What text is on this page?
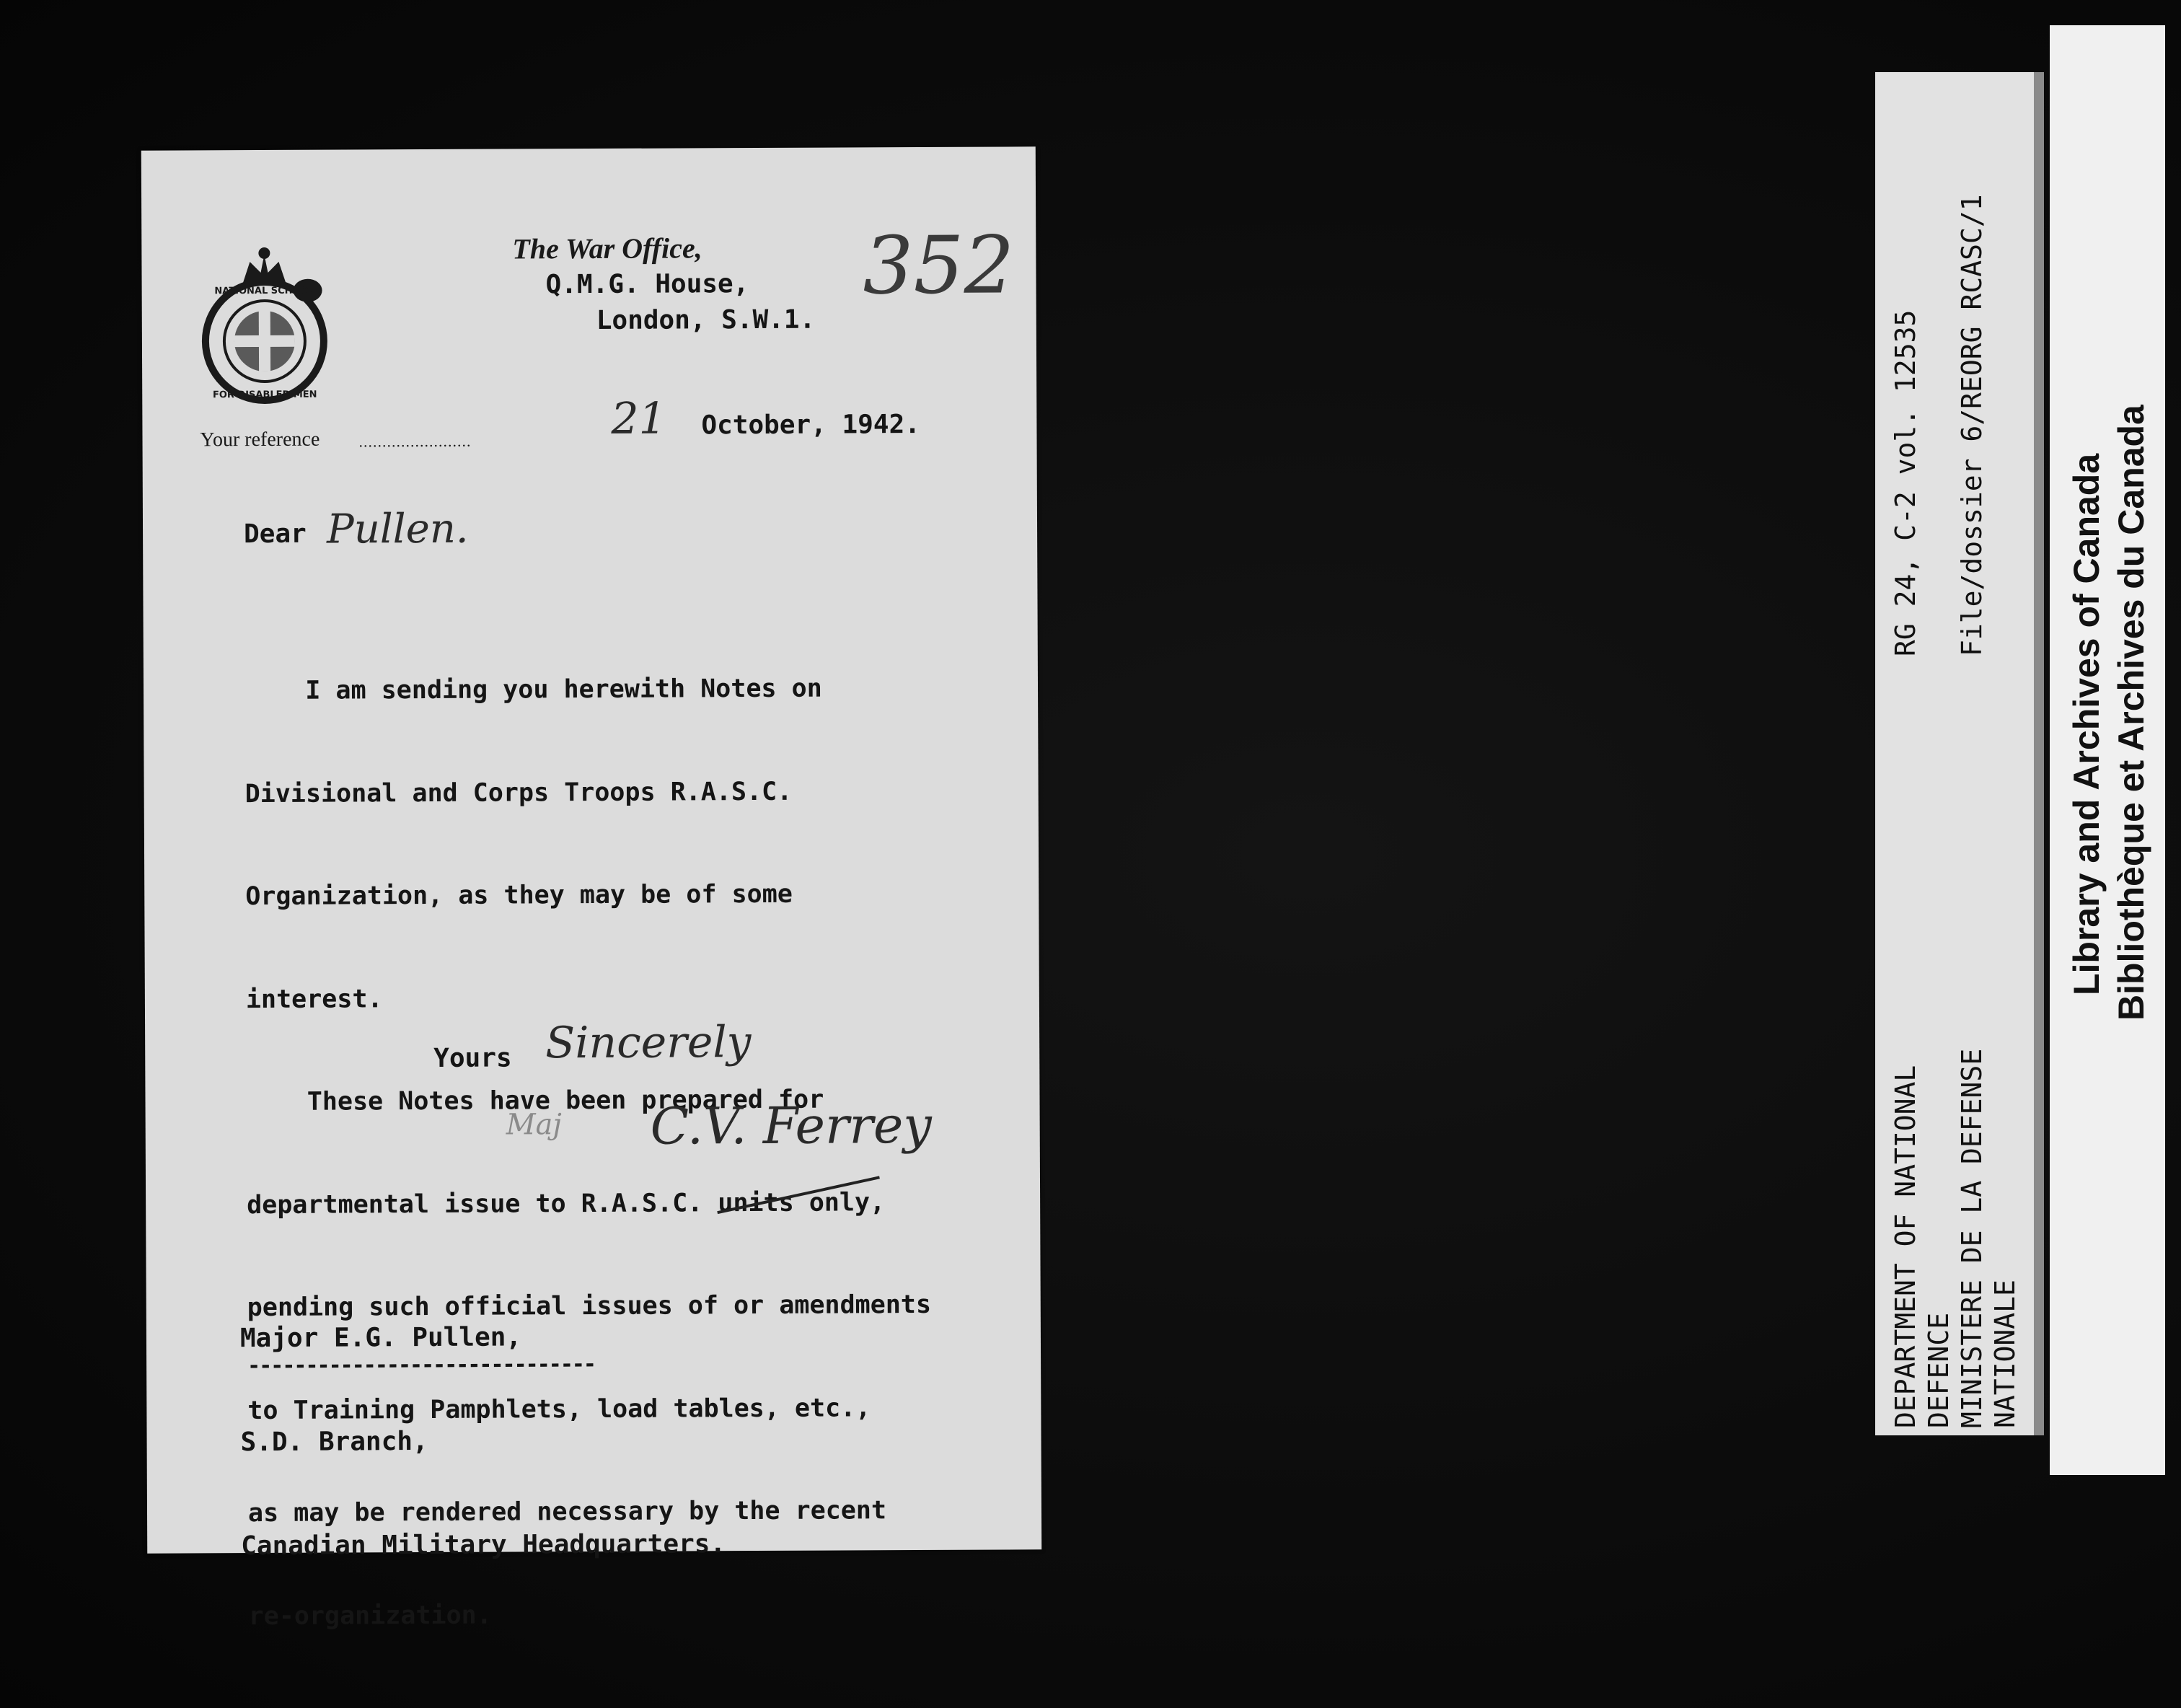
NATIONAL SCHOOL
FOR DISABLED MEN
The War Office,
Q.M.G. House,
London, S.W.1.
352
Your reference ........................	21 October, 1942.
Dear Pullen.

I am sending you herewith Notes on

Divisional and Corps Troops R.A.S.C.

Organization, as they may be of some

interest.

These Notes have been prepared for

departmental issue to R.A.S.C. units only,

pending such official issues of or amendments

to Training Pamphlets, load tables, etc.,

as may be rendered necessary by the recent

re-organization.

Yours Sincerely
Maj C.V. Ferrey

Major E.G. Pullen,

S.D. Branch,

Canadian Military Headquarters.

------------------------------	DEPARTMENT OF NATIONAL DEFENCE MINISTERE DE LA DEFENSE NATIONALE
RG 24, C-2 vol. 12535 File/dossier 6/REORG RCASC/1
Library and Archives of Canada Bibliothèque et Archives du Canada
